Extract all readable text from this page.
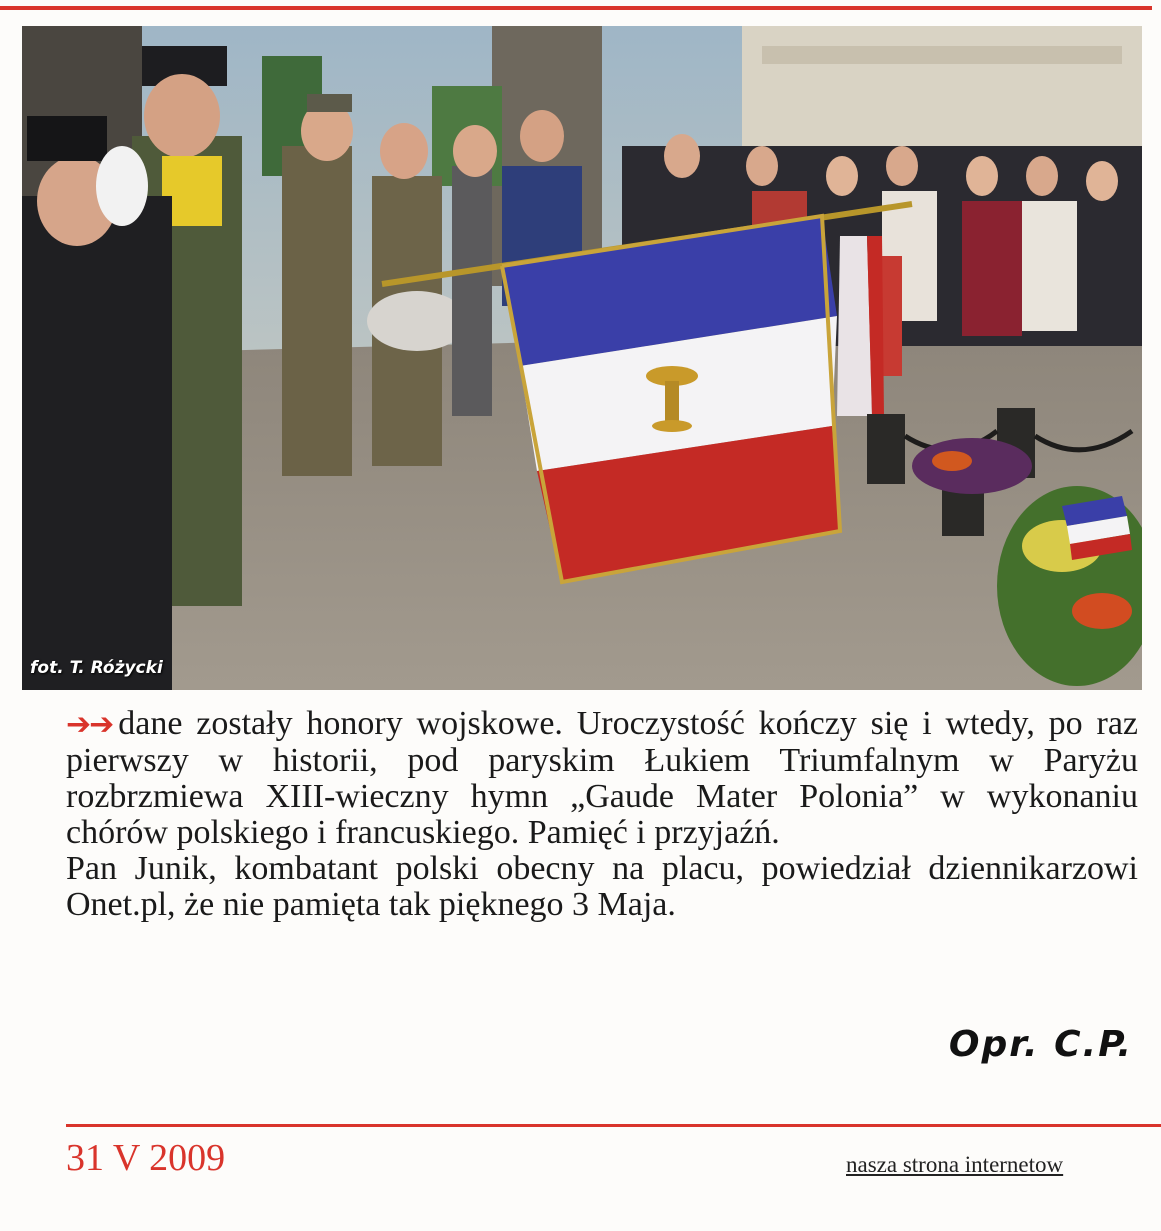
fot. T. Różycki

➔➔ dane zostały honory wojskowe. Uroczystość kończy się i wtedy, po raz pierwszy w historii, pod paryskim Łukiem Triumfalnym w Paryżu rozbrzmiewa XIII-wieczny hymn „Gaude Mater Polonia” w wykonaniu chórów polskiego i francuskiego. Pamięć i przyjaźń.

Pan Junik, kombatant polski obecny na placu, powiedział dziennikarzowi Onet.pl, że nie pamięta tak pięknego 3 Maja.

Opr. C.P.
31 V 2009	nasza strona internetow
